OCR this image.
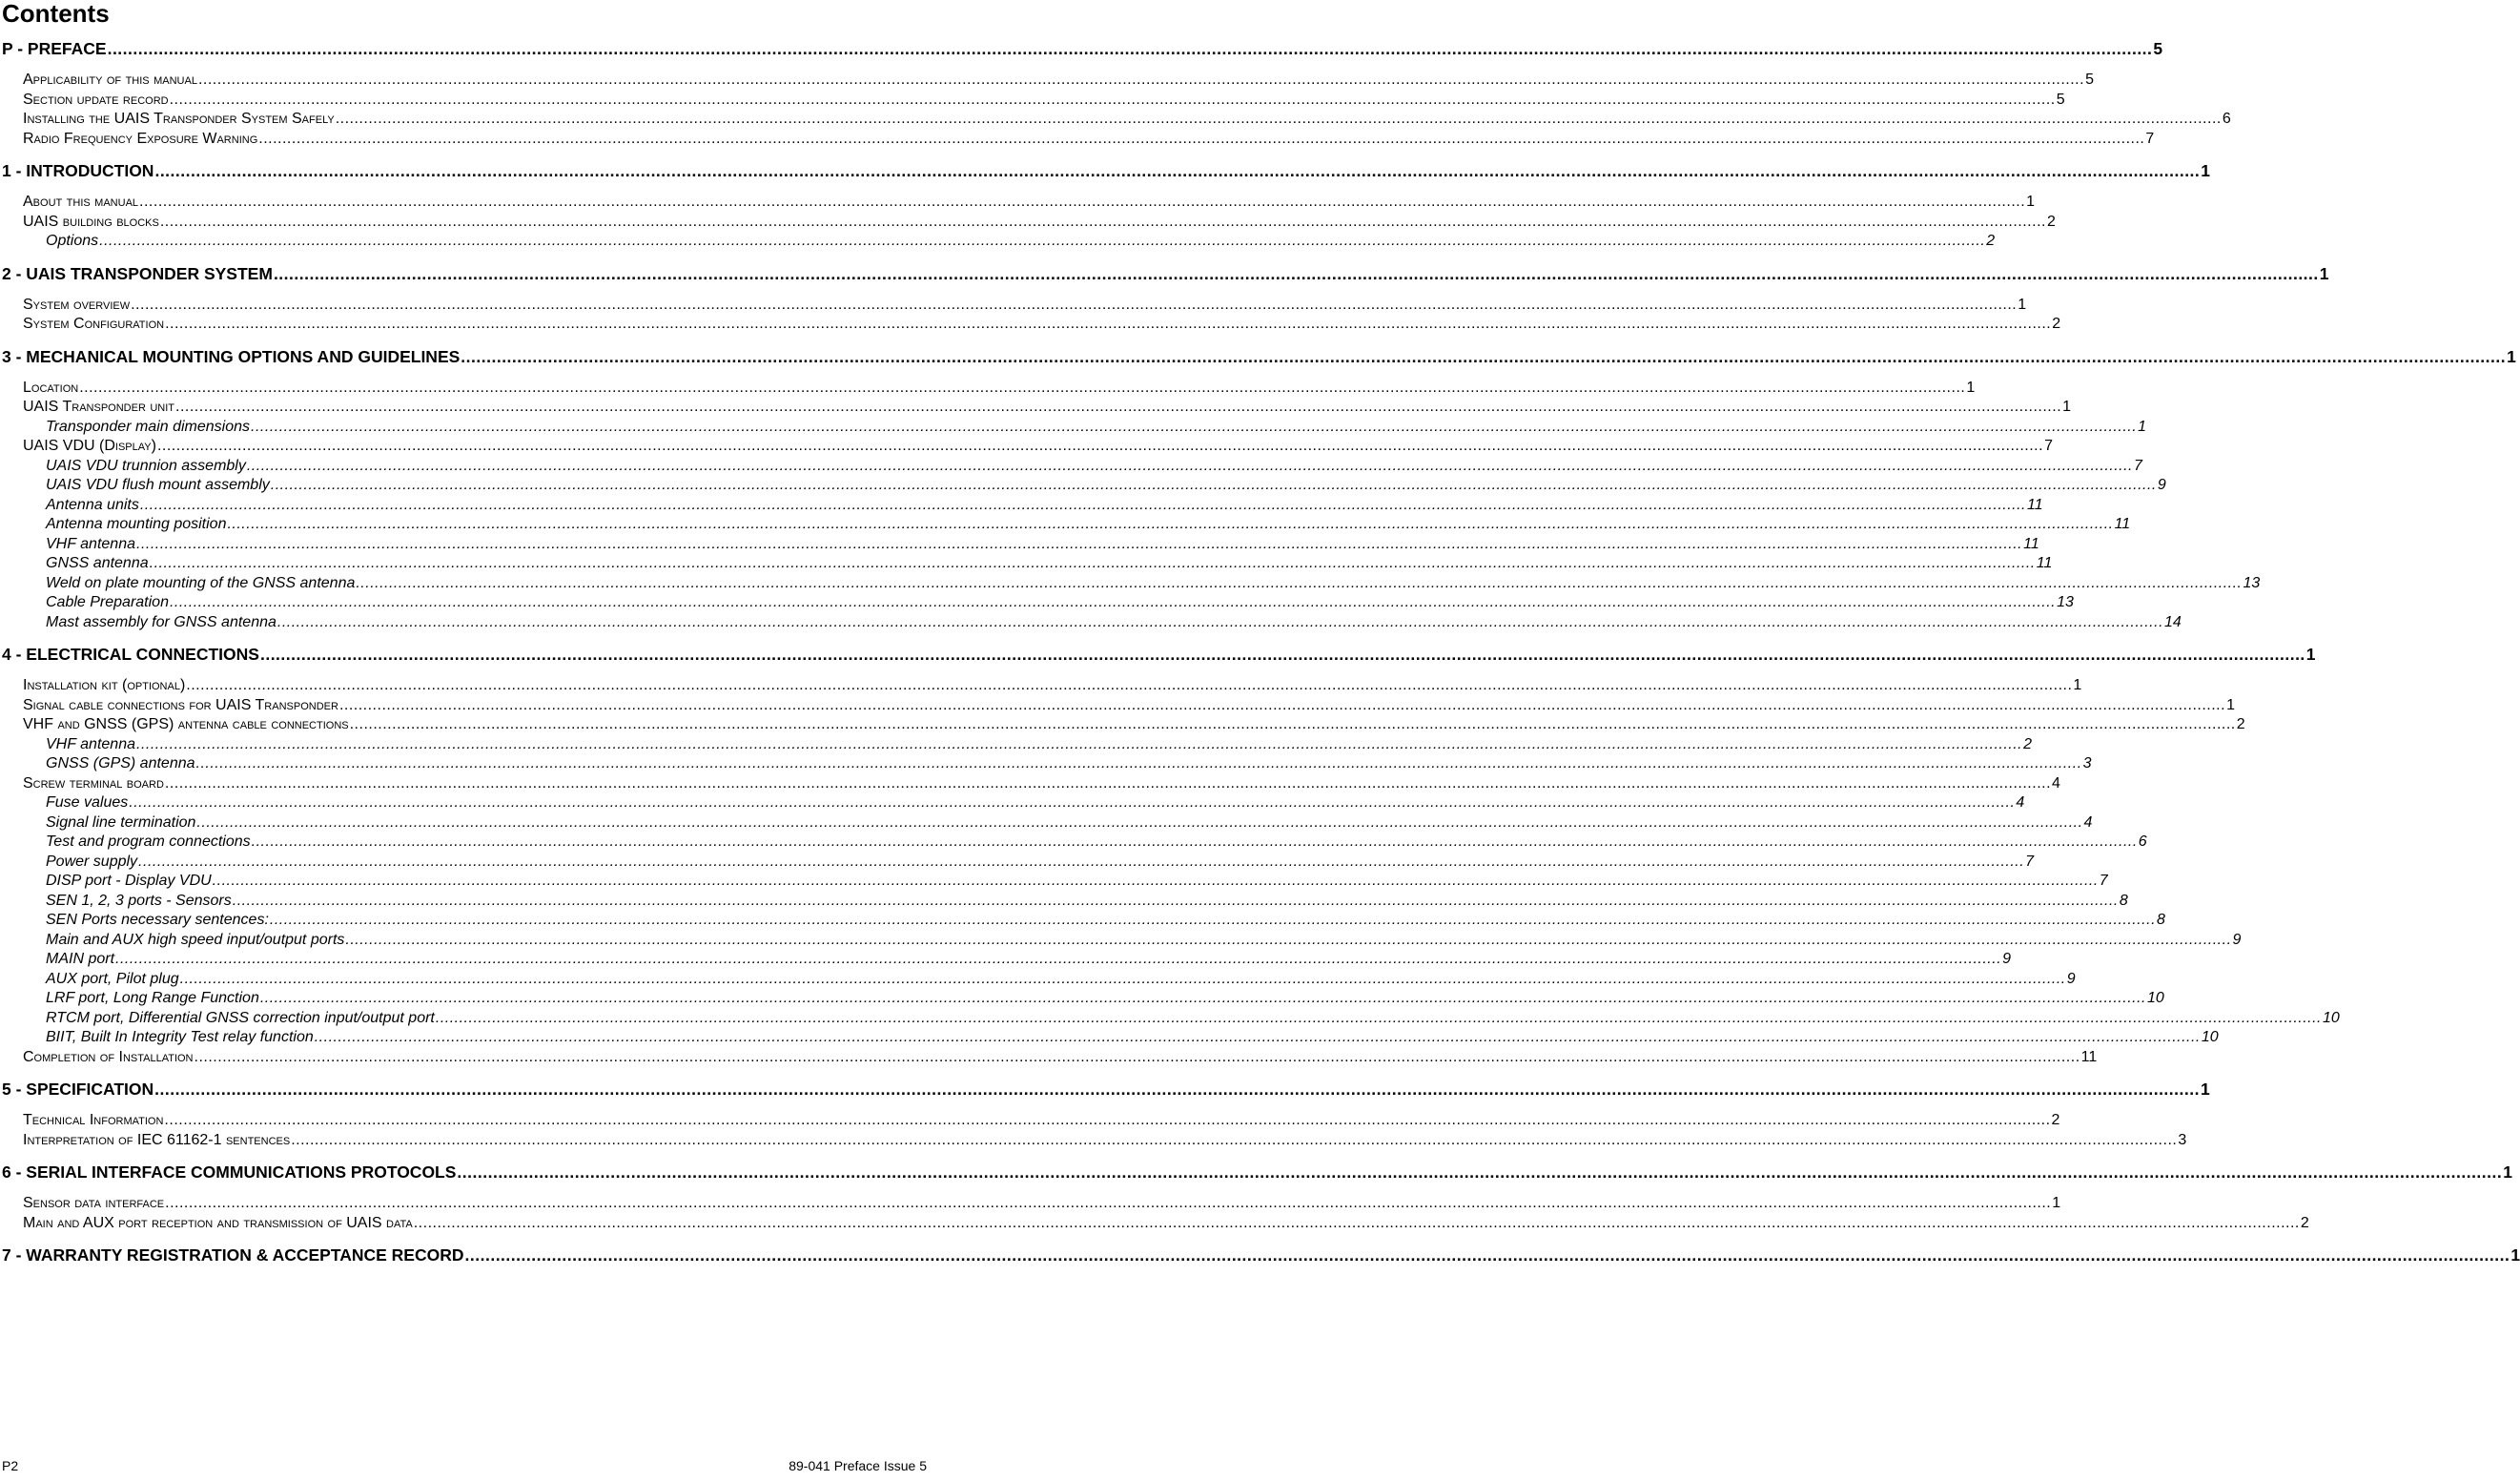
Contents
P - PREFACE ................................................................................................................................................................................................................................................................................................................................................................................................................ 5
Applicability of this manual ................................................................................................................................................................................................................................................................................................................................................................................................................ 5
Section update record ................................................................................................................................................................................................................................................................................................................................................................................................................ 5
Installing the UAIS Transponder System Safely ................................................................................................................................................................................................................................................................................................................................................................................................................ 6
Radio Frequency Exposure Warning ................................................................................................................................................................................................................................................................................................................................................................................................................ 7
1 - INTRODUCTION ................................................................................................................................................................................................................................................................................................................................................................................................................ 1
About this manual ................................................................................................................................................................................................................................................................................................................................................................................................................ 1
UAIS building blocks ................................................................................................................................................................................................................................................................................................................................................................................................................ 2
Options ................................................................................................................................................................................................................................................................................................................................................................................................................ 2
2 - UAIS TRANSPONDER SYSTEM ................................................................................................................................................................................................................................................................................................................................................................................................................ 1
System overview ................................................................................................................................................................................................................................................................................................................................................................................................................ 1
System Configuration ................................................................................................................................................................................................................................................................................................................................................................................................................ 2
3 - MECHANICAL MOUNTING OPTIONS AND GUIDELINES ................................................................................................................................................................................................................................................................................................................................................................................................................ 1
Location ................................................................................................................................................................................................................................................................................................................................................................................................................ 1
UAIS Transponder unit ................................................................................................................................................................................................................................................................................................................................................................................................................ 1
Transponder main dimensions ................................................................................................................................................................................................................................................................................................................................................................................................................ 1
UAIS VDU (Display) ................................................................................................................................................................................................................................................................................................................................................................................................................ 7
UAIS VDU trunnion assembly ................................................................................................................................................................................................................................................................................................................................................................................................................ 7
UAIS VDU flush mount assembly ................................................................................................................................................................................................................................................................................................................................................................................................................ 9
Antenna units ................................................................................................................................................................................................................................................................................................................................................................................................................ 11
Antenna mounting position ................................................................................................................................................................................................................................................................................................................................................................................................................ 11
VHF antenna ................................................................................................................................................................................................................................................................................................................................................................................................................ 11
GNSS antenna ................................................................................................................................................................................................................................................................................................................................................................................................................ 11
Weld on plate mounting of the GNSS antenna ................................................................................................................................................................................................................................................................................................................................................................................................................ 13
Cable Preparation ................................................................................................................................................................................................................................................................................................................................................................................................................ 13
Mast assembly for GNSS antenna ................................................................................................................................................................................................................................................................................................................................................................................................................ 14
4 - ELECTRICAL CONNECTIONS ................................................................................................................................................................................................................................................................................................................................................................................................................ 1
Installation kit (optional) ................................................................................................................................................................................................................................................................................................................................................................................................................ 1
Signal cable connections for UAIS Transponder ................................................................................................................................................................................................................................................................................................................................................................................................................ 1
VHF and GNSS (GPS) antenna cable connections ................................................................................................................................................................................................................................................................................................................................................................................................................ 2
VHF antenna ................................................................................................................................................................................................................................................................................................................................................................................................................ 2
GNSS (GPS) antenna ................................................................................................................................................................................................................................................................................................................................................................................................................ 3
Screw terminal board ................................................................................................................................................................................................................................................................................................................................................................................................................ 4
Fuse values ................................................................................................................................................................................................................................................................................................................................................................................................................ 4
Signal line termination ................................................................................................................................................................................................................................................................................................................................................................................................................ 4
Test and program connections ................................................................................................................................................................................................................................................................................................................................................................................................................ 6
Power supply ................................................................................................................................................................................................................................................................................................................................................................................................................ 7
DISP port - Display VDU ................................................................................................................................................................................................................................................................................................................................................................................................................ 7
SEN 1, 2, 3 ports - Sensors ................................................................................................................................................................................................................................................................................................................................................................................................................ 8
SEN Ports necessary sentences: ................................................................................................................................................................................................................................................................................................................................................................................................................ 8
Main and AUX high speed input/output ports ................................................................................................................................................................................................................................................................................................................................................................................................................ 9
MAIN port ................................................................................................................................................................................................................................................................................................................................................................................................................ 9
AUX port, Pilot plug ................................................................................................................................................................................................................................................................................................................................................................................................................ 9
LRF port, Long Range Function ................................................................................................................................................................................................................................................................................................................................................................................................................ 10
RTCM port, Differential GNSS correction input/output port ................................................................................................................................................................................................................................................................................................................................................................................................................ 10
BIIT, Built In Integrity Test relay function ................................................................................................................................................................................................................................................................................................................................................................................................................ 10
Completion of Installation ................................................................................................................................................................................................................................................................................................................................................................................................................ 11
5 - SPECIFICATION ................................................................................................................................................................................................................................................................................................................................................................................................................ 1
Technical Information ................................................................................................................................................................................................................................................................................................................................................................................................................ 2
Interpretation of IEC 61162-1 sentences ................................................................................................................................................................................................................................................................................................................................................................................................................ 3
6 - SERIAL INTERFACE COMMUNICATIONS PROTOCOLS ................................................................................................................................................................................................................................................................................................................................................................................................................ 1
Sensor data interface ................................................................................................................................................................................................................................................................................................................................................................................................................ 1
Main and AUX port reception and transmission of UAIS data ................................................................................................................................................................................................................................................................................................................................................................................................................ 2
7 - WARRANTY REGISTRATION & ACCEPTANCE RECORD ................................................................................................................................................................................................................................................................................................................................................................................................................ 1
P2	89-041 Preface Issue 5
